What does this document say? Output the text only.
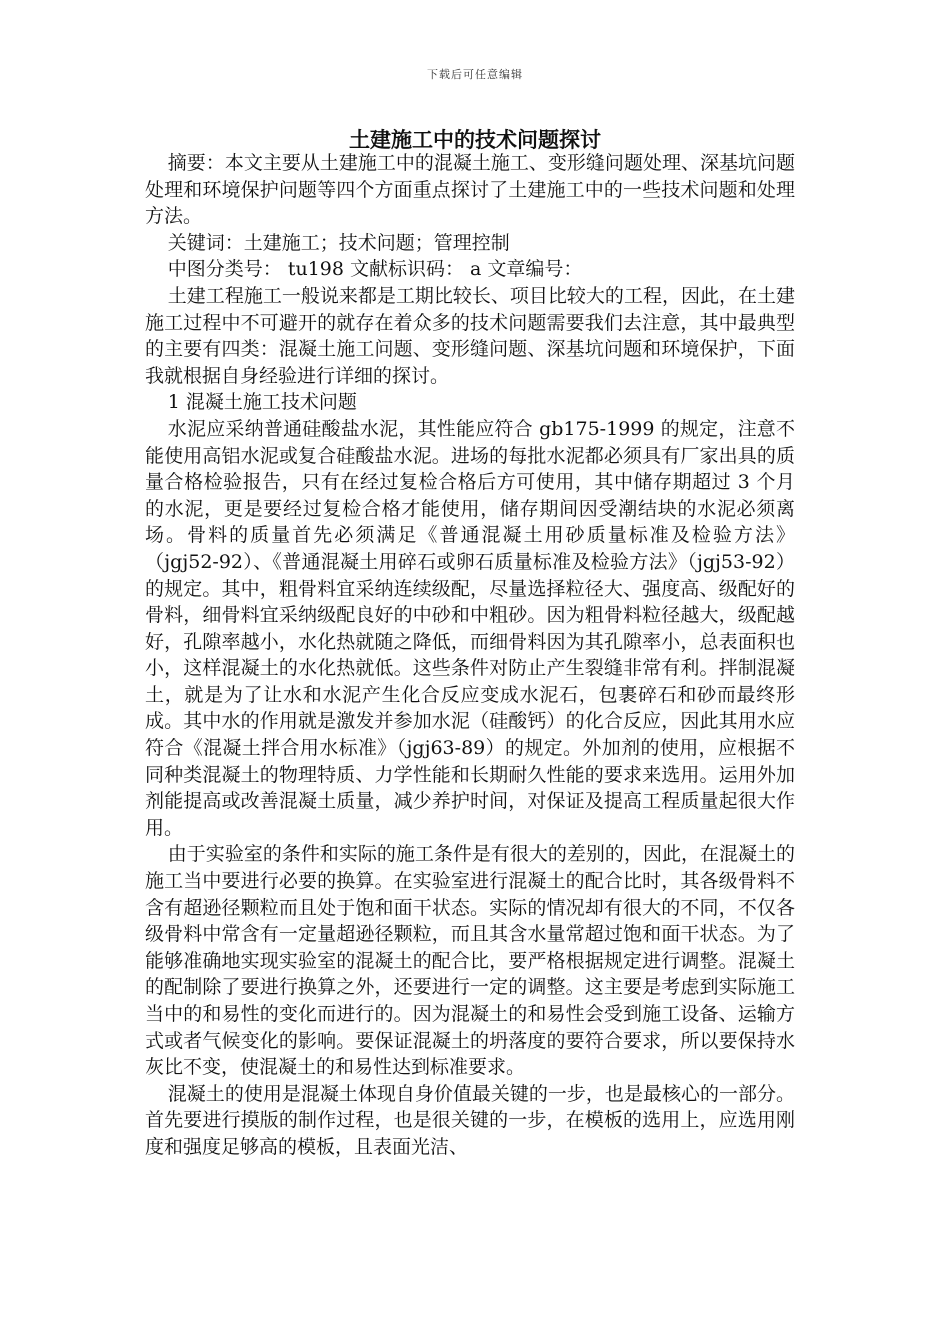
下载后可任意编辑
土建施工中的技术问题探讨

摘要：本文主要从土建施工中的混凝土施工、变形缝问题处理、深基坑问题处理和环境保护问题等四个方面重点探讨了土建施工中的一些技术问题和处理方法。

关键词：土建施工；技术问题；管理控制

中图分类号： tu198 文献标识码： a 文章编号：

土建工程施工一般说来都是工期比较长、项目比较大的工程，因此，在土建施工过程中不可避开的就存在着众多的技术问题需要我们去注意，其中最典型的主要有四类：混凝土施工问题、变形缝问题、深基坑问题和环境保护，下面我就根据自身经验进行详细的探讨。

1 混凝土施工技术问题

水泥应采纳普通硅酸盐水泥，其性能应符合 gb175-1999 的规定，注意不能使用高铝水泥或复合硅酸盐水泥。进场的每批水泥都必须具有厂家出具的质量合格检验报告，只有在经过复检合格后方可使用，其中储存期超过 3 个月的水泥，更是要经过复检合格才能使用，储存期间因受潮结块的水泥必须离场。骨料的质量首先必须满足《普通混凝土用砂质量标准及检验方法》（jgj52-92）、《普通混凝土用碎石或卵石质量标准及检验方法》（jgj53-92）的规定。其中，粗骨料宜采纳连续级配，尽量选择粒径大、强度高、级配好的骨料，细骨料宜采纳级配良好的中砂和中粗砂。因为粗骨料粒径越大，级配越好，孔隙率越小，水化热就随之降低，而细骨料因为其孔隙率小，总表面积也小，这样混凝土的水化热就低。这些条件对防止产生裂缝非常有利。拌制混凝土，就是为了让水和水泥产生化合反应变成水泥石，包裹碎石和砂而最终形成。其中水的作用就是激发并参加水泥（硅酸钙）的化合反应，因此其用水应符合《混凝土拌合用水标准》（jgj63-89）的规定。外加剂的使用，应根据不同种类混凝土的物理特质、力学性能和长期耐久性能的要求来选用。运用外加剂能提高或改善混凝土质量，减少养护时间，对保证及提高工程质量起很大作用。

由于实验室的条件和实际的施工条件是有很大的差别的，因此，在混凝土的施工当中要进行必要的换算。在实验室进行混凝土的配合比时，其各级骨料不含有超逊径颗粒而且处于饱和面干状态。实际的情况却有很大的不同，不仅各级骨料中常含有一定量超逊径颗粒，而且其含水量常超过饱和面干状态。为了能够准确地实现实验室的混凝土的配合比，要严格根据规定进行调整。混凝土的配制除了要进行换算之外，还要进行一定的调整。这主要是考虑到实际施工当中的和易性的变化而进行的。因为混凝土的和易性会受到施工设备、运输方式或者气候变化的影响。要保证混凝土的坍落度的要符合要求，所以要保持水灰比不变，使混凝土的和易性达到标准要求。

混凝土的使用是混凝土体现自身价值最关键的一步，也是最核心的一部分。首先要进行摸版的制作过程，也是很关键的一步，在模板的选用上，应选用刚度和强度足够高的模板，且表面光洁、
